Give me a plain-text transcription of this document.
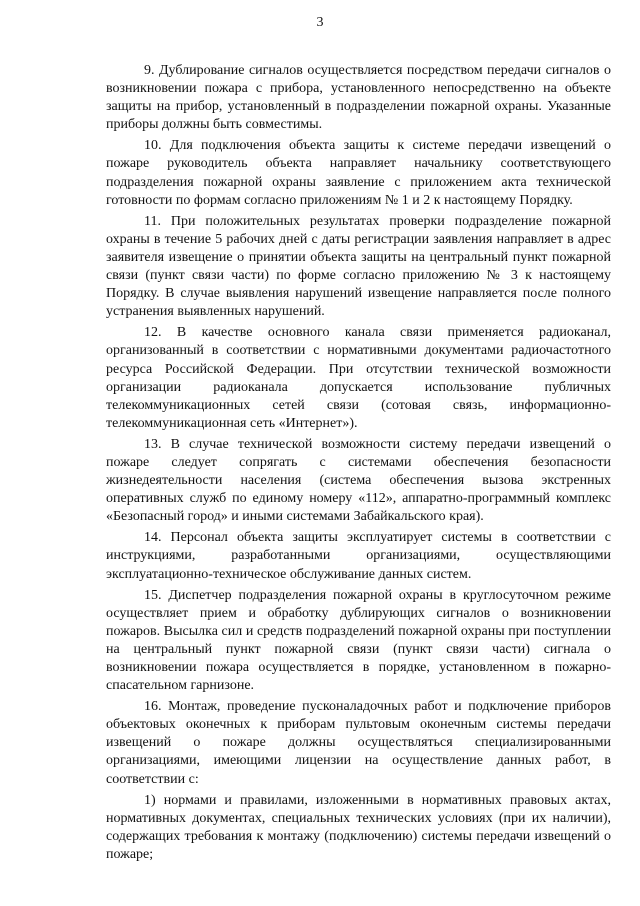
3

9. Дублирование сигналов осуществляется посредством передачи сигналов о возникновении пожара с прибора, установленного непосредственно на объекте защиты на прибор, установленный в подразделении пожарной охраны. Указанные приборы должны быть совместимы.

10. Для подключения объекта защиты к системе передачи извещений о пожаре руководитель объекта направляет начальнику соответствующего подразделения пожарной охраны заявление с приложением акта технической готовности по формам согласно приложениям № 1 и 2 к настоящему Порядку.

11. При положительных результатах проверки подразделение пожарной охраны в течение 5 рабочих дней с даты регистрации заявления направляет в адрес заявителя извещение о принятии объекта защиты на центральный пункт пожарной связи (пункт связи части) по форме согласно приложению № 3 к настоящему Порядку. В случае выявления нарушений извещение направляется после полного устранения выявленных нарушений.

12. В качестве основного канала связи применяется радиоканал, организованный в соответствии с нормативными документами радиочастотного ресурса Российской Федерации. При отсутствии технической возможности организации радиоканала допускается использование публичных телекоммуникационных сетей связи (сотовая связь, информационно-телекоммуникационная сеть «Интернет»).

13. В случае технической возможности систему передачи извещений о пожаре следует сопрягать с системами обеспечения безопасности жизнедеятельности населения (система обеспечения вызова экстренных оперативных служб по единому номеру «112», аппаратно-программный комплекс «Безопасный город» и иными системами Забайкальского края).

14. Персонал объекта защиты эксплуатирует системы в соответствии с инструкциями, разработанными организациями, осуществляющими эксплуатационно-техническое обслуживание данных систем.

15. Диспетчер подразделения пожарной охраны в круглосуточном режиме осуществляет прием и обработку дублирующих сигналов о возникновении пожаров. Высылка сил и средств подразделений пожарной охраны при поступлении на центральный пункт пожарной связи (пункт связи части) сигнала о возникновении пожара осуществляется в порядке, установленном в пожарно-спасательном гарнизоне.

16. Монтаж, проведение пусконаладочных работ и подключение приборов объектовых оконечных к приборам пультовым оконечным системы передачи извещений о пожаре должны осуществляться специализированными организациями, имеющими лицензии на осуществление данных работ, в соответствии с:

1) нормами и правилами, изложенными в нормативных правовых актах, нормативных документах, специальных технических условиях (при их наличии), содержащих требования к монтажу (подключению) системы передачи извещений о пожаре;
